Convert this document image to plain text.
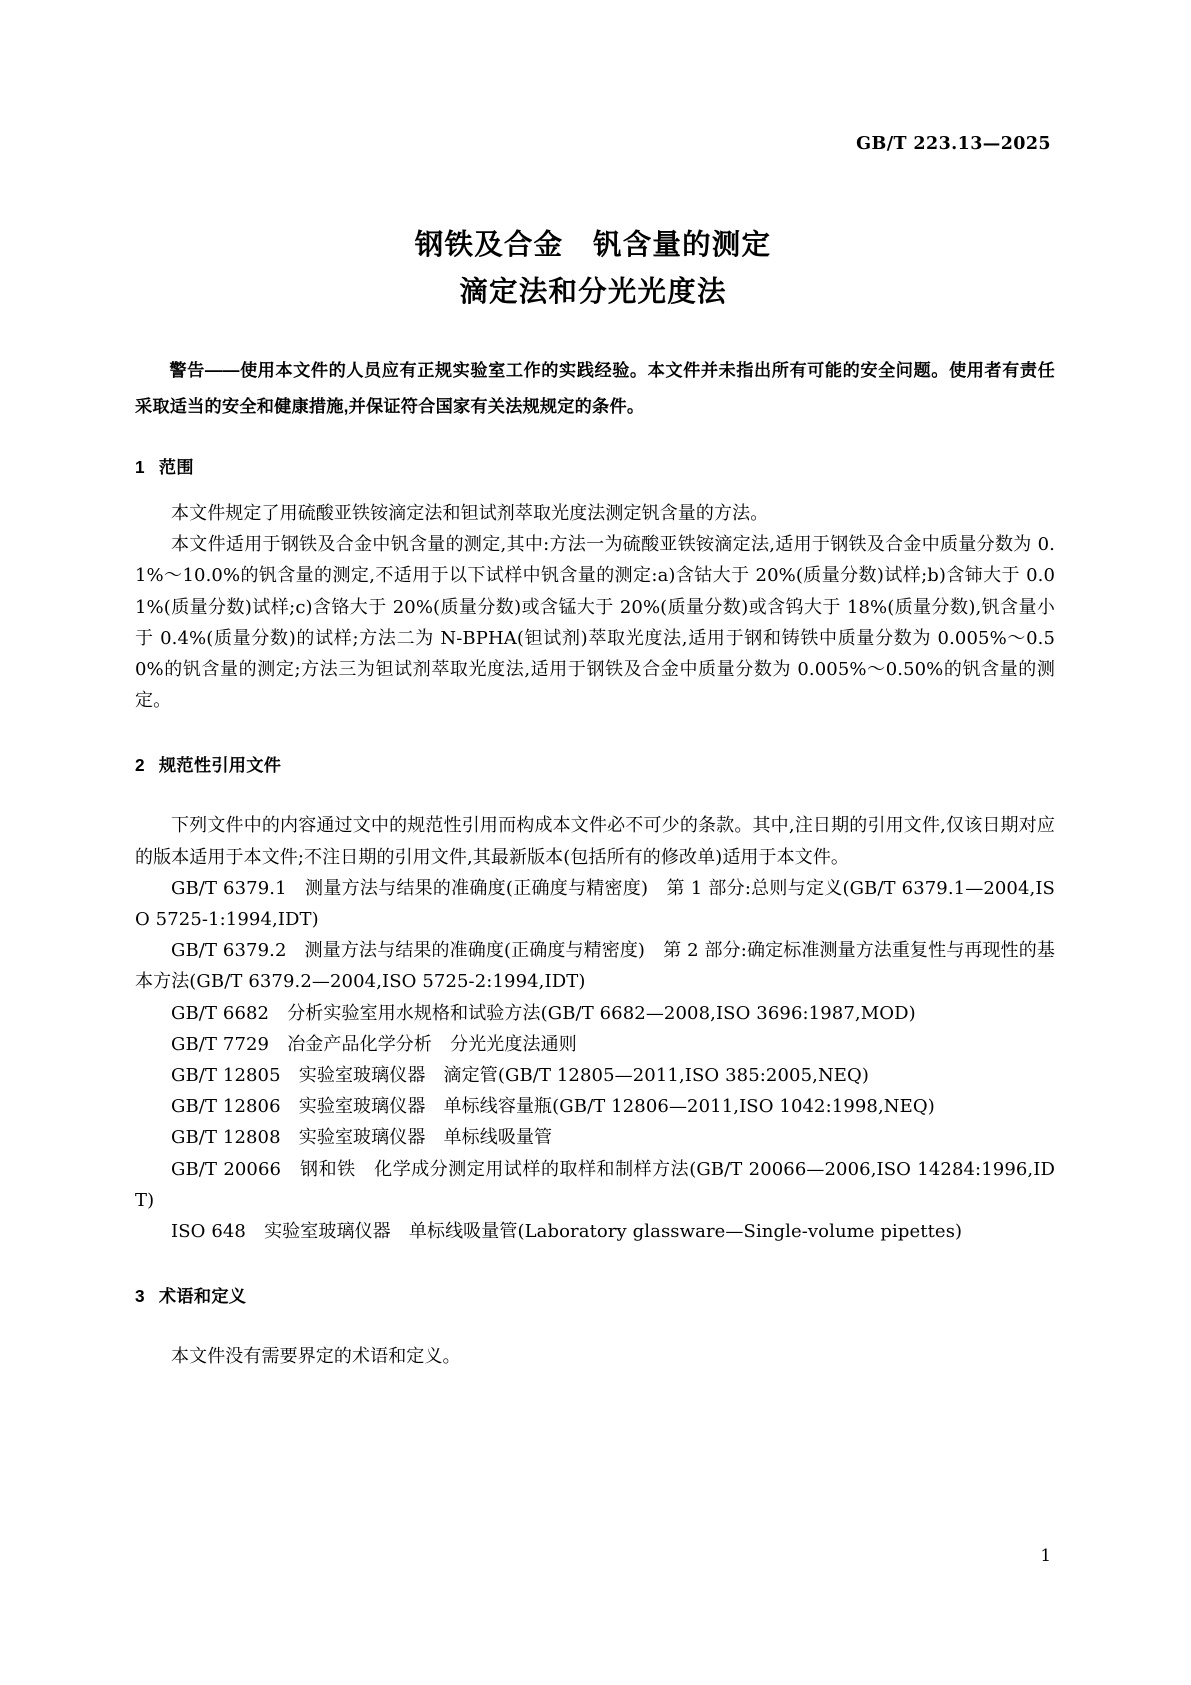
GB/T 223.13—2025
钢铁及合金　钒含量的测定
滴定法和分光光度法

警告——使用本文件的人员应有正规实验室工作的实践经验。本文件并未指出所有可能的安全问题。使用者有责任采取适当的安全和健康措施,并保证符合国家有关法规规定的条件。

1 范围

本文件规定了用硫酸亚铁铵滴定法和钽试剂萃取光度法测定钒含量的方法。

本文件适用于钢铁及合金中钒含量的测定,其中:方法一为硫酸亚铁铵滴定法,适用于钢铁及合金中质量分数为 0.1%～10.0%的钒含量的测定,不适用于以下试样中钒含量的测定:a)含钴大于 20%(质量分数)试样;b)含铈大于 0.01%(质量分数)试样;c)含铬大于 20%(质量分数)或含锰大于 20%(质量分数)或含钨大于 18%(质量分数),钒含量小于 0.4%(质量分数)的试样;方法二为 N-BPHA(钽试剂)萃取光度法,适用于钢和铸铁中质量分数为 0.005%～0.50%的钒含量的测定;方法三为钽试剂萃取光度法,适用于钢铁及合金中质量分数为 0.005%～0.50%的钒含量的测定。

2 规范性引用文件

下列文件中的内容通过文中的规范性引用而构成本文件必不可少的条款。其中,注日期的引用文件,仅该日期对应的版本适用于本文件;不注日期的引用文件,其最新版本(包括所有的修改单)适用于本文件。

GB/T 6379.1　测量方法与结果的准确度(正确度与精密度)　第 1 部分:总则与定义(GB/T 6379.1—2004,ISO 5725-1:1994,IDT)

GB/T 6379.2　测量方法与结果的准确度(正确度与精密度)　第 2 部分:确定标准测量方法重复性与再现性的基本方法(GB/T 6379.2—2004,ISO 5725-2:1994,IDT)

GB/T 6682　分析实验室用水规格和试验方法(GB/T 6682—2008,ISO 3696:1987,MOD)

GB/T 7729　冶金产品化学分析　分光光度法通则

GB/T 12805　实验室玻璃仪器　滴定管(GB/T 12805—2011,ISO 385:2005,NEQ)

GB/T 12806　实验室玻璃仪器　单标线容量瓶(GB/T 12806—2011,ISO 1042:1998,NEQ)

GB/T 12808　实验室玻璃仪器　单标线吸量管

GB/T 20066　钢和铁　化学成分测定用试样的取样和制样方法(GB/T 20066—2006,ISO 14284:1996,IDT)

ISO 648　实验室玻璃仪器　单标线吸量管(Laboratory glassware—Single-volume pipettes)

3 术语和定义

本文件没有需要界定的术语和定义。

1
